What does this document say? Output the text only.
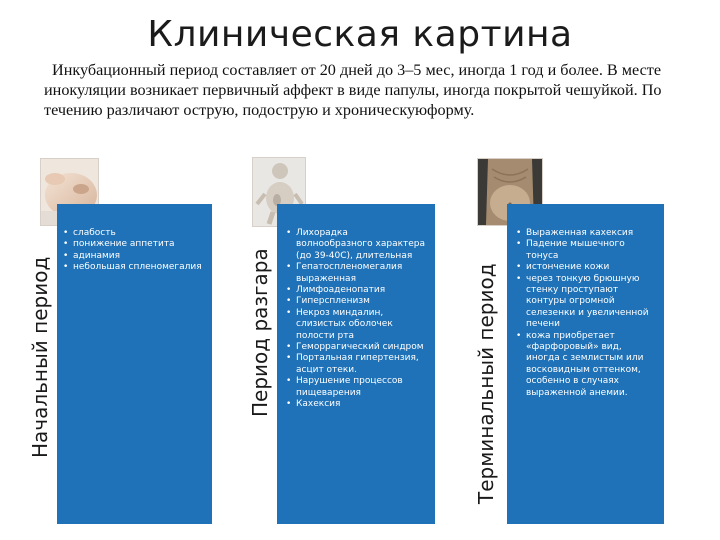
Клиническая картина

Инкубационный период составляет от 20 дней до 3–5 мес, иногда 1 год и более. В месте инокуляции возникает первичный аффект в виде папулы, иногда покрытой чешуйкой. По течению различают острую, подострую и хроническуюформу.

Начальный период
• слабость
• понижение аппетита
• адинамия
• небольшая спленомегалия Период разгара
• Лихорадка волнообразного характера (до 39-40С), длительная
• Гепатоспленомегалия выраженная
• Лимфоаденопатия
• Гиперспленизм
• Некроз миндалин, слизистых оболочек полости рта
• Геморрагический синдром
• Портальная гипертензия, асцит отеки.
• Нарушение процессов пищеварения
• Кахексия	Терминальный период
• Выраженная кахексия
• Падение мышечного тонуса
• истончение кожи
• через тонкую брюшную стенку проступают контуры огромной селезенки и увеличенной печени
• кожа приобретает «фарфоровый» вид, иногда с землистым или восковидным оттенком, особенно в случаях выраженной анемии.
